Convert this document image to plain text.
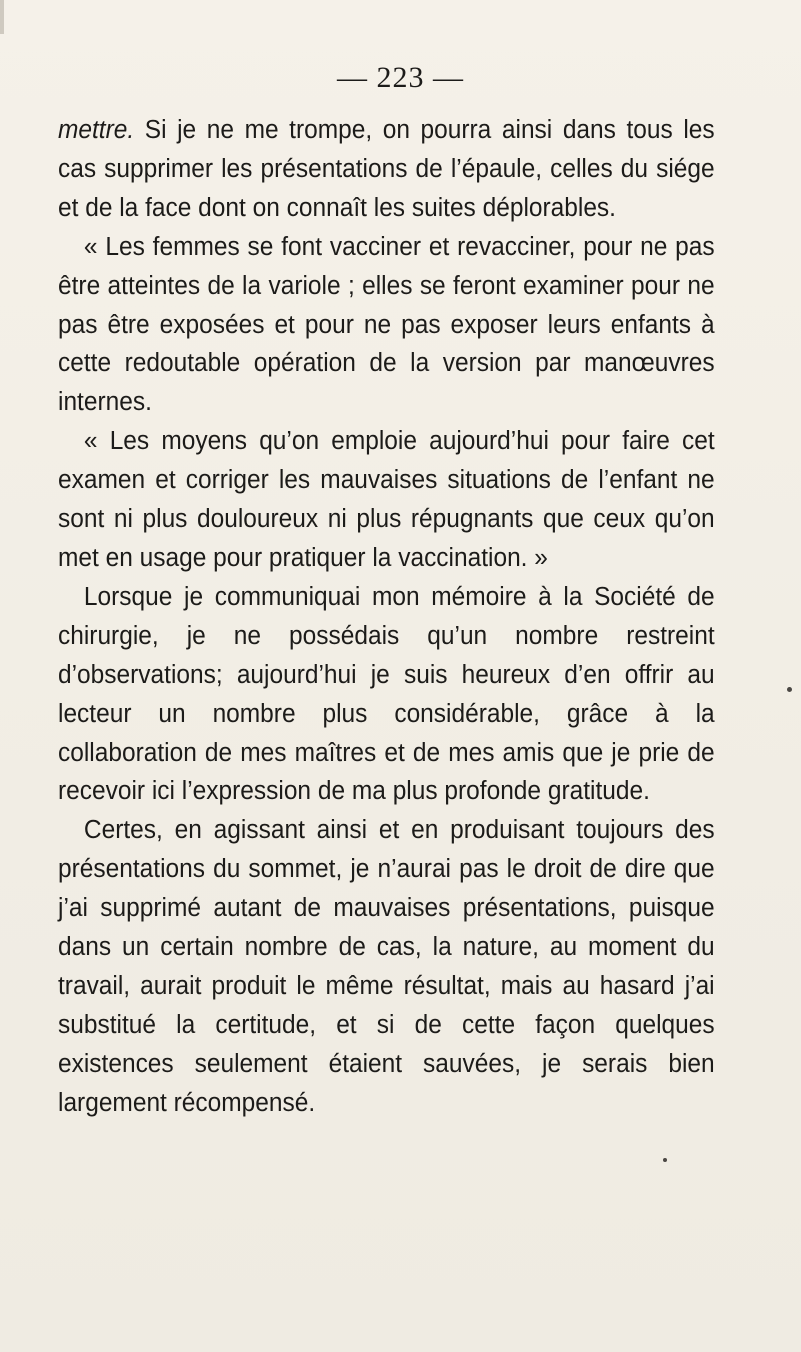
— 223 —

mettre. Si je ne me trompe, on pourra ainsi dans tous les cas supprimer les présentations de l’épaule, celles du siége et de la face dont on connaît les suites déplorables.

« Les femmes se font vacciner et revacciner, pour ne pas être atteintes de la variole ; elles se feront examiner pour ne pas être exposées et pour ne pas exposer leurs enfants à cette redoutable opération de la version par manœuvres internes.

« Les moyens qu’on emploie aujourd’hui pour faire cet examen et corriger les mauvaises situations de l’enfant ne sont ni plus douloureux ni plus répugnants que ceux qu’on met en usage pour pratiquer la vaccination. »

Lorsque je communiquai mon mémoire à la Société de chirurgie, je ne possédais qu’un nombre restreint d’observations; aujourd’hui je suis heureux d’en offrir au lecteur un nombre plus considérable, grâce à la collaboration de mes maîtres et de mes amis que je prie de recevoir ici l’expression de ma plus profonde gratitude.

Certes, en agissant ainsi et en produisant toujours des présentations du sommet, je n’aurai pas le droit de dire que j’ai supprimé autant de mauvaises présentations, puisque dans un certain nombre de cas, la nature, au moment du travail, aurait produit le même résultat, mais au hasard j’ai substitué la certitude, et si de cette façon quelques existences seulement étaient sauvées, je serais bien largement récompensé.
